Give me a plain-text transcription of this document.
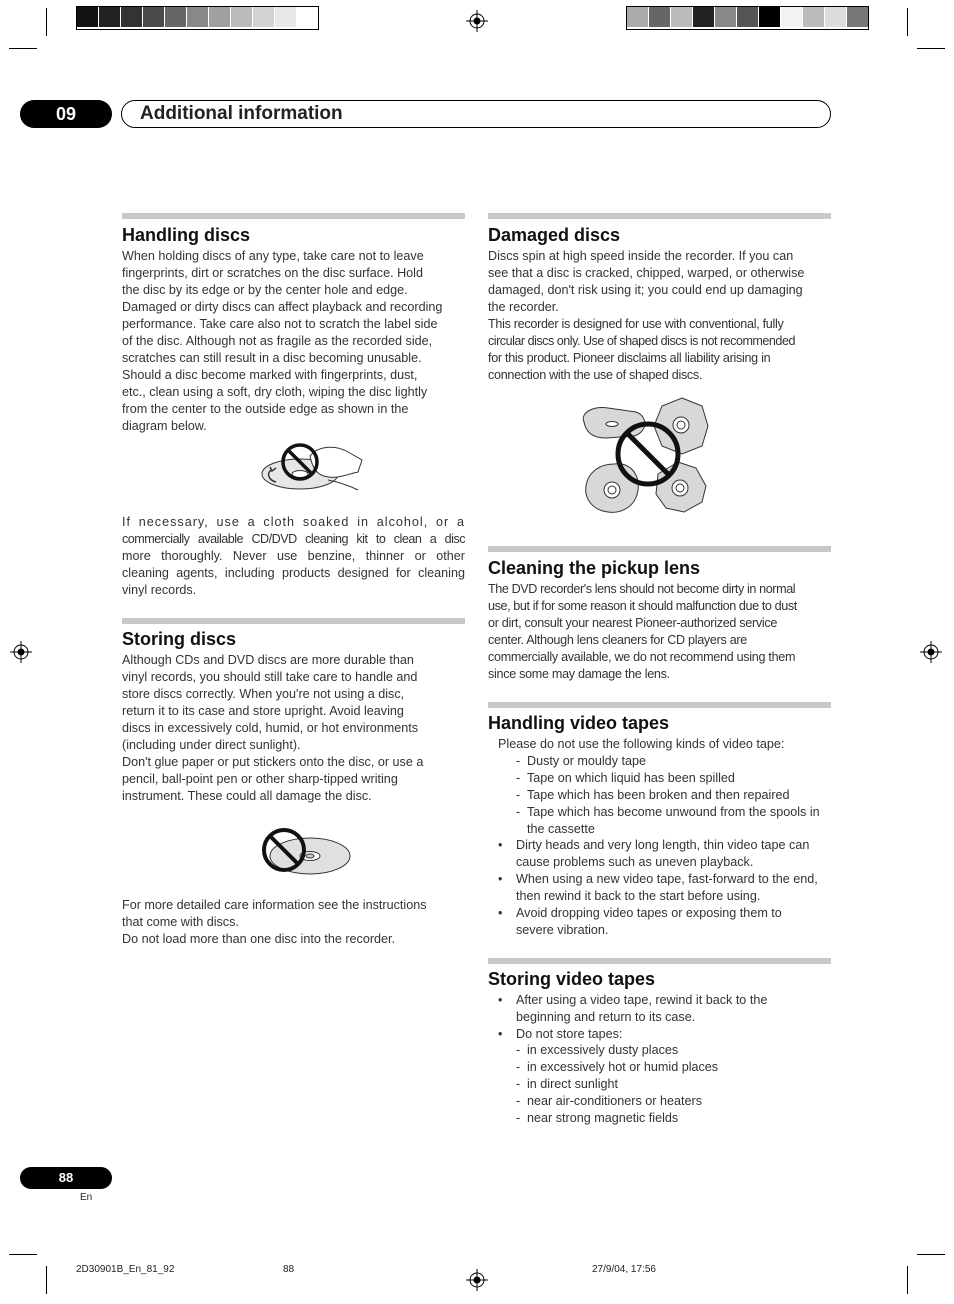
09	Additional information
Handling discs
When holding discs of any type, take care not to leave
fingerprints, dirt or scratches on the disc surface. Hold
the disc by its edge or by the center hole and edge.
Damaged or dirty discs can affect playback and recording
performance. Take care also not to scratch the label side
of the disc. Although not as fragile as the recorded side,
scratches can still result in a disc becoming unusable.
Should a disc become marked with fingerprints, dust,
etc., clean using a soft, dry cloth, wiping the disc lightly
from the center to the outside edge as shown in the
diagram below.
If necessary, use a cloth soaked in alcohol, or a
commercially available CD/DVD cleaning kit to clean a disc
more thoroughly. Never use benzine, thinner or other
cleaning agents, including products designed for cleaning
vinyl records.
Storing discs
Although CDs and DVD discs are more durable than
vinyl records, you should still take care to handle and
store discs correctly. When you're not using a disc,
return it to its case and store upright. Avoid leaving
discs in excessively cold, humid, or hot environments
(including under direct sunlight).
Don't glue paper or put stickers onto the disc, or use a
pencil, ball-point pen or other sharp-tipped writing
instrument. These could all damage the disc.
For more detailed care information see the instructions
that come with discs.
Do not load more than one disc into the recorder.
Damaged discs
Discs spin at high speed inside the recorder. If you can
see that a disc is cracked, chipped, warped, or otherwise
damaged, don't risk using it; you could end up damaging
the recorder.
This recorder is designed for use with conventional, fully
circular discs only. Use of shaped discs is not recommended
for this product. Pioneer disclaims all liability arising in
connection with the use of shaped discs.
Cleaning the pickup lens
The DVD recorder's lens should not become dirty in normal
use, but if for some reason it should malfunction due to dust
or dirt, consult your nearest Pioneer-authorized service
center. Although lens cleaners for CD players are
commercially available, we do not recommend using them
since some may damage the lens.
Handling video tapes
Please do not use the following kinds of video tape:
- Dusty or mouldy tape
- Tape on which liquid has been spilled
- Tape which has been broken and then repaired
- Tape which has become unwound from the spools in the cassette
• Dirty heads and very long length, thin video tape can cause problems such as uneven playback.
• When using a new video tape, fast-forward to the end, then rewind it back to the start before using.
• Avoid dropping video tapes or exposing them to severe vibration.
Storing video tapes
• After using a video tape, rewind it back to the beginning and return to its case.
• Do not store tapes:
- in excessively dusty places
- in excessively hot or humid places
- in direct sunlight
- near air-conditioners or heaters
- near strong magnetic fields
88
En
2D30901B_En_81_92	88	27/9/04, 17:56
